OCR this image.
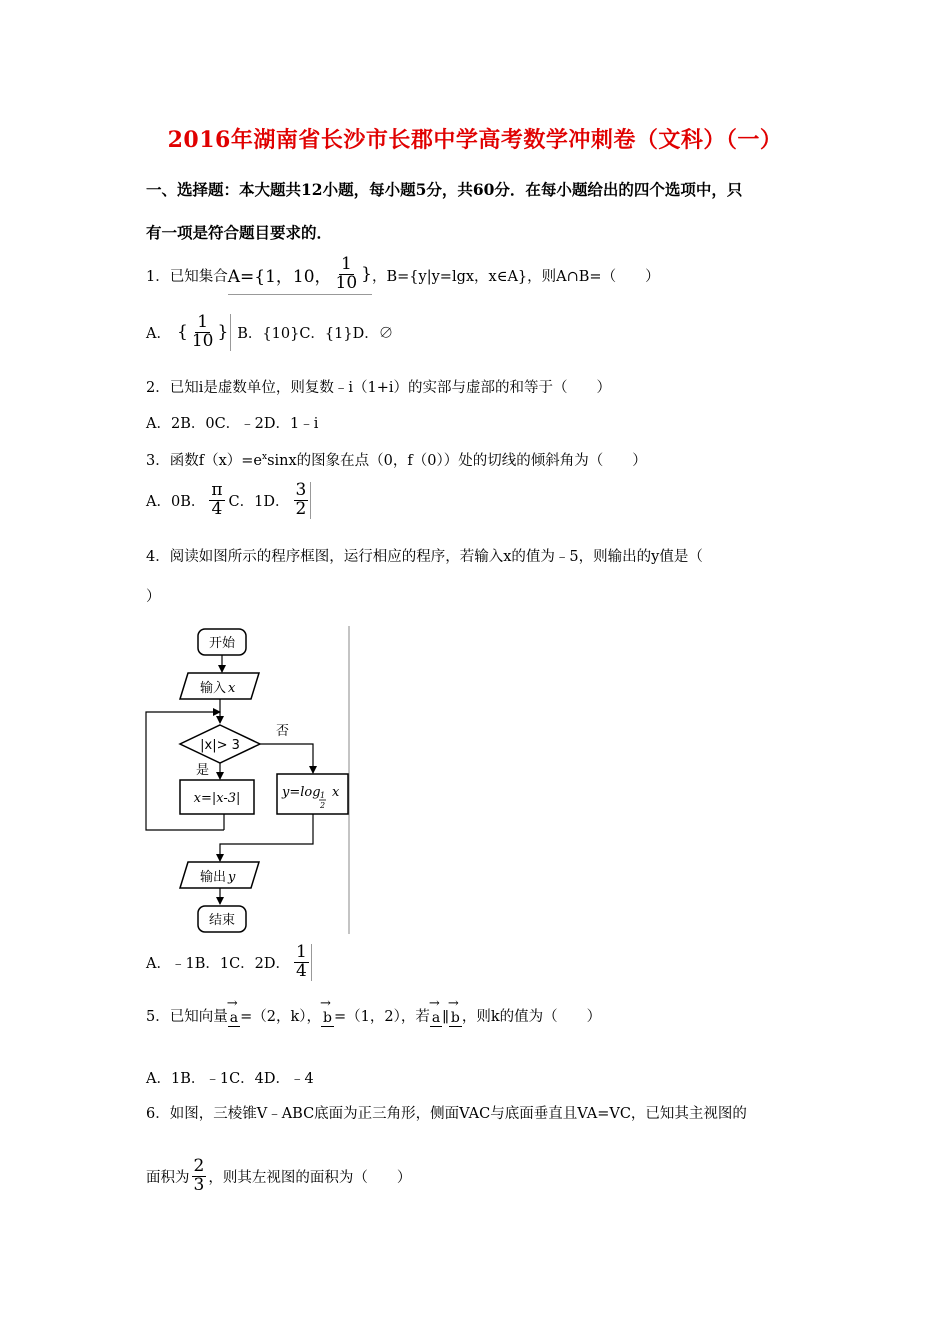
2016年湖南省长沙市长郡中学高考数学冲刺卷（文科）（一）
一、选择题：本大题共12小题，每小题5分，共60分．在每小题给出的四个选项中，只
有一项是符合题目要求的．
1．已知集合 A={1，10， $\frac{1}{10}$ } ，B={y|y=lgx，x∈A}，则A∩B=（　　）
A． { $\frac{1}{10}$ } B．{10}C．{1}D．∅
2．已知i是虚数单位，则复数﹣i（1+i）的实部与虚部的和等于（　　）
A．2B．0C．﹣2D．1﹣i
3．函数$f(x)=e^x\sin x$的图象在点（0，f（0））处的切线的倾斜角为（　　）
A．0B． $\frac{\pi}{4}$ C．1D． $\frac{3}{2}$
4．阅读如图所示的程序框图，运行相应的程序，若输入x的值为﹣5，则输出的y值是（
）
开始
输入 x
|x|> 3
否
是
x=|x-3|	y=log 1
2
x
输出 y
结束
A．﹣1B．1C．2D． $\frac{1}{4}$
5．已知向量 → a =（2，k）， → b =（1，2），若 → a ∥ → b ，则k的值为（　　）
A．1B．﹣1C．4D．﹣4
6．如图，三棱锥V﹣ABC底面为正三角形，侧面VAC与底面垂直且VA=VC，已知其主视图的
面积为 $\frac{2}{3}$ ，则其左视图的面积为（　　）
